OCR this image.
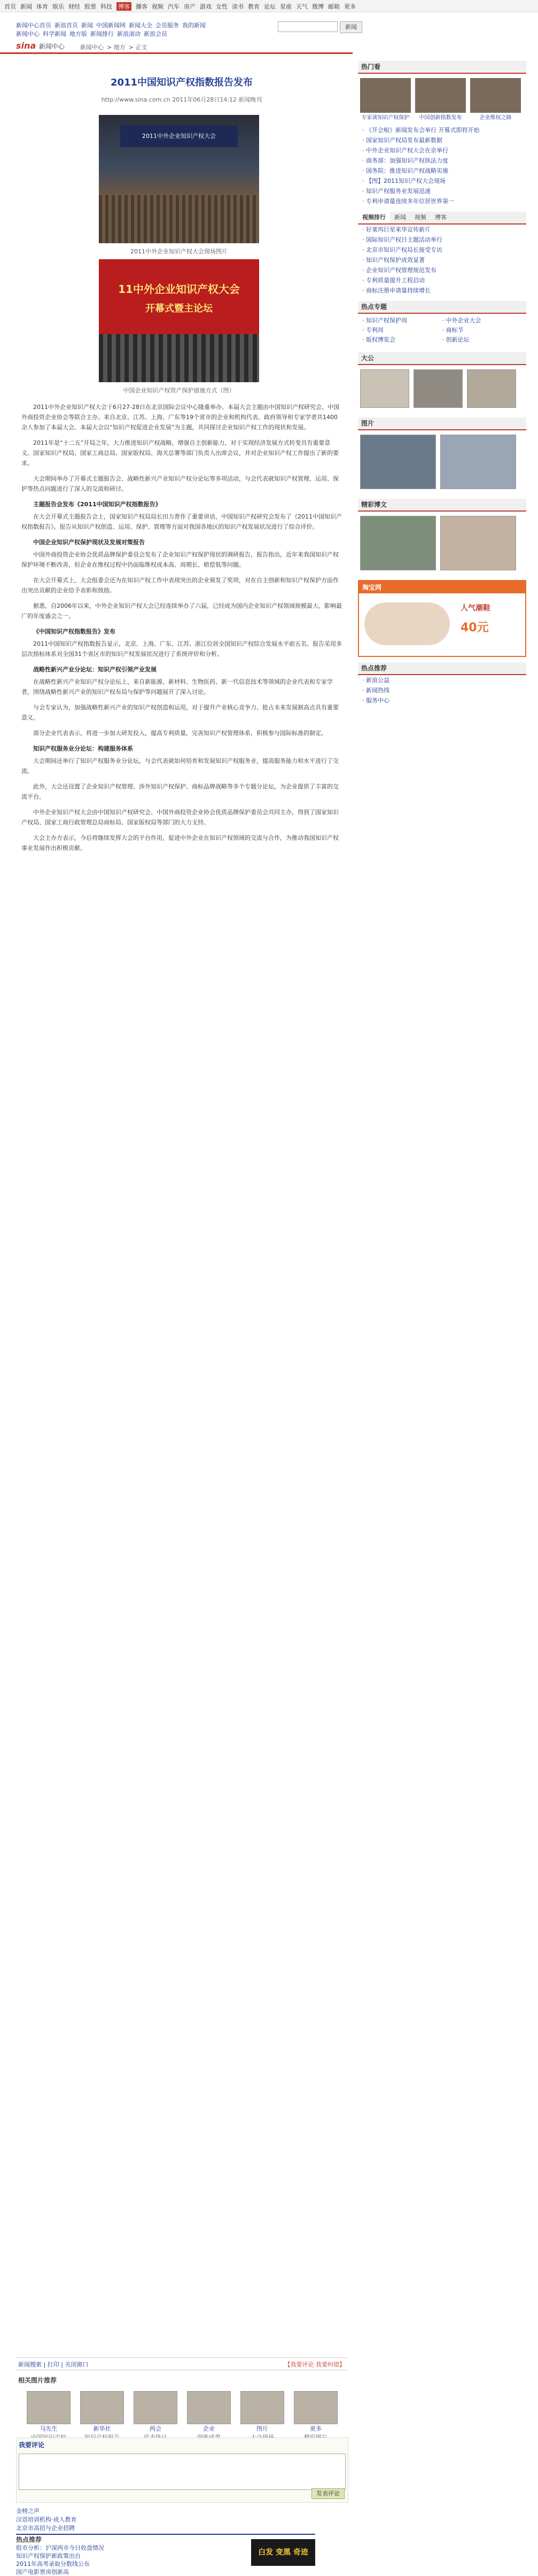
首页 新闻 体育 娱乐 财经 股票 科技 博客 播客 视频 汽车 房产 游戏 女性 读书 教育 论坛 星座 天气 微博 邮箱 更多
新闻中心首页 新浪首页 新闻 中国新闻网 新闻大全 会员服务 我的新闻
新闻中心 科学新闻 地方版 新闻排行 新浪滚动 新浪会员
新闻
sina 新闻中心	新闻中心 > 地方 > 正文
2011中国知识产权指数报告发布
http://www.sina.com.cn 2011年06月28日14:12 新闻晚刊
2011中外企业知识产权大会
2011中外企业知识产权大会现场图片
11中外企业知识产权大会
开幕式暨主论坛
中国企业知识产权资产保护措施方式（图）
2011中外企业知识产权大会于6月27-28日在北京国际会议中心隆重举办。本届大会主题由中国知识产权研究会、中国外商投资企业协会等联合主办。来自北京、江苏、上海、广东等19个省市的企业和机构代表、政府领导和专家学者共1400余人参加了本届大会。本届大会以“知识产权促进企业发展”为主题，共同探讨企业知识产权工作的现状和发展。
2011年是“十二五”开局之年，大力推进知识产权战略，增强自主创新能力，对于实现经济发展方式转变具有重要意义。国家知识产权局、国家工商总局、国家版权局、海关总署等部门负责人出席会议，并对企业知识产权工作提出了新的要求。
大会期间举办了开幕式主题报告会、战略性新兴产业知识产权分论坛等多项活动，与会代表就知识产权管理、运用、保护等热点问题进行了深入的交流和研讨。
主题报告会发布《2011中国知识产权指数报告》
在大会开幕式主题报告会上，国家知识产权局局长田力普作了重要讲话，中国知识产权研究会发布了《2011中国知识产权指数报告》。报告从知识产权创造、运用、保护、管理等方面对我国各地区的知识产权发展状况进行了综合评价。
中国企业知识产权保护现状及发展对策报告
中国外商投资企业协会优质品牌保护委员会发布了企业知识产权保护现状的调研报告，报告指出，近年来我国知识产权保护环境不断改善，但企业在维权过程中仍面临维权成本高、周期长、赔偿低等问题。
在大会开幕式上，大会组委会还为在知识产权工作中表现突出的企业颁发了奖项，对在自主创新和知识产权保护方面作出突出贡献的企业给予表彰和鼓励。
据悉，自2006年以来，中外企业知识产权大会已经连续举办了六届，已经成为国内企业知识产权领域规模最大、影响最广的年度盛会之一。
《中国知识产权指数报告》发布
2011中国知识产权指数报告显示，北京、上海、广东、江苏、浙江位居全国知识产权综合发展水平前五名。报告采用多层次指标体系对全国31个省区市的知识产权发展状况进行了系统评价和分析。
战略性新兴产业分论坛：知识产权引领产业发展
在战略性新兴产业知识产权分论坛上，来自新能源、新材料、生物医药、新一代信息技术等领域的企业代表和专家学者，围绕战略性新兴产业的知识产权布局与保护等问题展开了深入讨论。
与会专家认为，加强战略性新兴产业的知识产权创造和运用，对于提升产业核心竞争力、抢占未来发展制高点具有重要意义。
部分企业代表表示，将进一步加大研发投入，提高专利质量，完善知识产权管理体系，积极参与国际标准的制定。
知识产权服务业分论坛：构建服务体系
大会期间还举行了知识产权服务业分论坛，与会代表就如何培育和发展知识产权服务业，提高服务能力和水平进行了交流。
此外，大会还设置了企业知识产权管理、涉外知识产权保护、商标品牌战略等多个专题分论坛，为企业提供了丰富的交流平台。
中外企业知识产权大会由中国知识产权研究会、中国外商投资企业协会优质品牌保护委员会共同主办，得到了国家知识产权局、国家工商行政管理总局商标局、国家版权局等部门的大力支持。
大会主办方表示，今后将继续发挥大会的平台作用，促进中外企业在知识产权领域的交流与合作，为推动我国知识产权事业发展作出积极贡献。
新闻搜索 | 打印 | 关闭窗口	【我要评论 我要纠错】
相关图片推荐
马先生	新华社	两会	企业	图片	更多
我要评论
发表评论
金榜之声
汉语培训机构·成人教育
北京市高招与企业招聘
热点推荐
股市分析：沪深两市今日收盘情况
知识产权保护新政策出台
2011年高考录取分数线公布
国产电影票房创新高
白发 变黑 奇迹
热门看
专家谈知识产权保护	中国创新指数发布	企业维权之路
· 《开会啦》新闻发布会举行 开幕式即将开始
· 国家知识产权局发布最新数据
· 中外企业知识产权大会在京举行
· 商务部：加强知识产权执法力度
· 国务院：推进知识产权战略实施
· 【图】2011知识产权大会现场
· 知识产权服务业发展迅速
· 专利申请量连续多年位居世界第一
视频排行	新闻	视频	博客
· 好莱坞巨星来华宣传新片
· 国际知识产权日主题活动举行
· 北京市知识产权局长接受专访
· 知识产权保护成效显著
· 企业知识产权管理规范发布
· 专利质量提升工程启动
· 商标注册申请量持续增长
热点专题
· 知识产权保护周	· 中外企业大会
· 专利周	· 商标节
· 版权博览会	· 创新论坛
大公
图片
精彩博文
淘宝网
人气潮鞋
40元
热点推荐
· 新浪公益
· 新闻热线
· 服务中心
